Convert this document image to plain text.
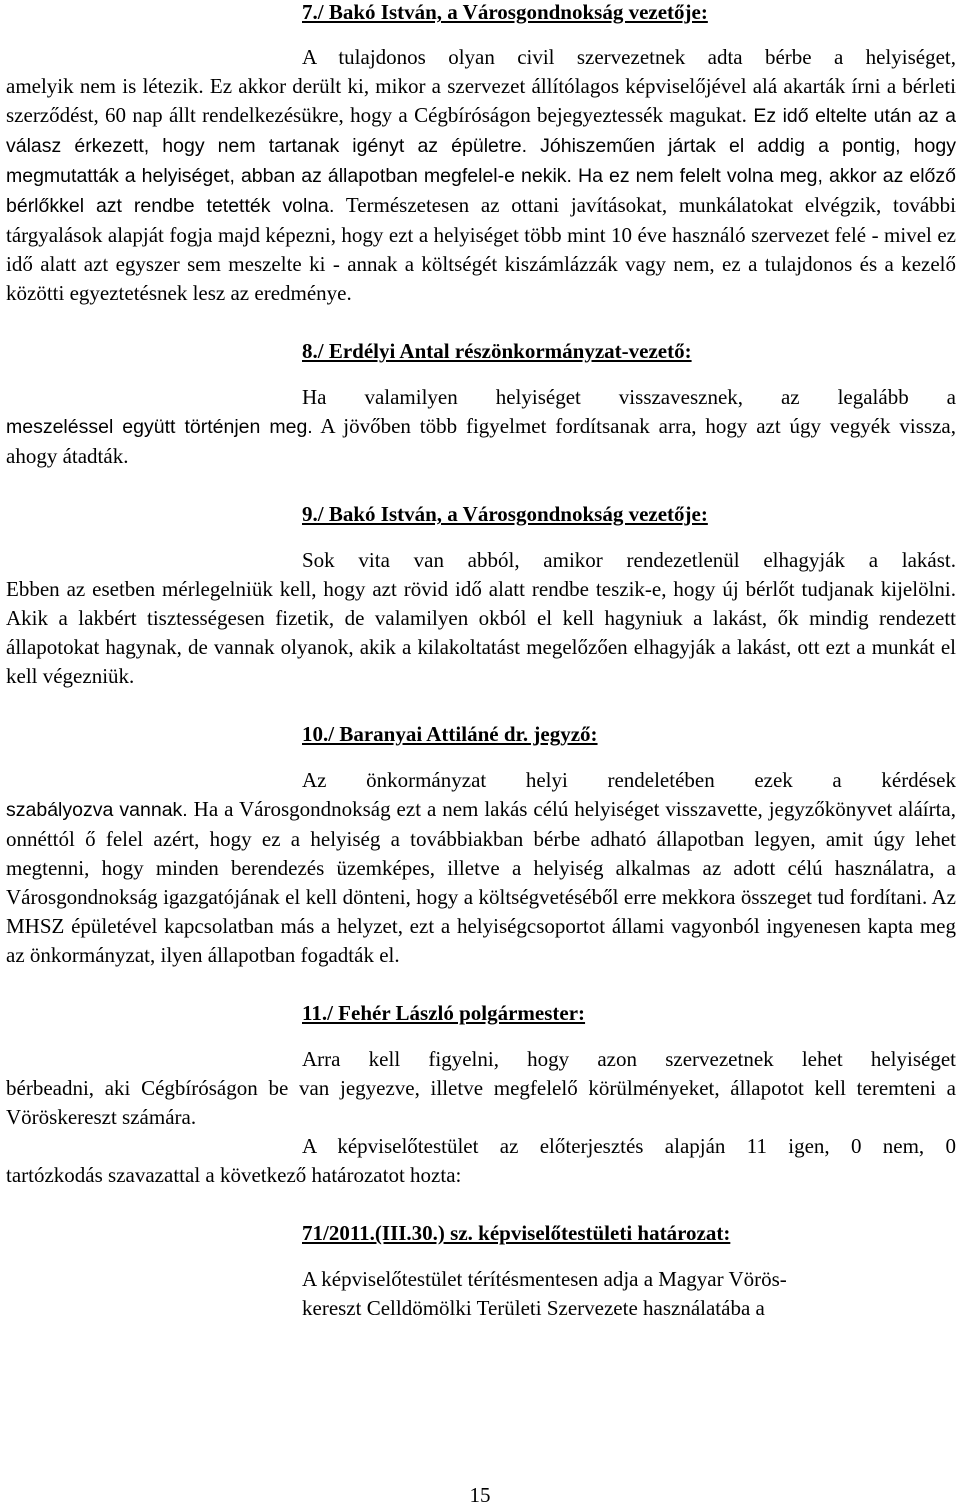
7./ Bakó István, a Városgondnokság vezetője:
A tulajdonos olyan civil szervezetnek adta bérbe a helyiséget,
amelyik nem is létezik. Ez akkor derült ki, mikor a szervezet állítólagos képviselőjével alá akarták írni a bérleti szerződést, 60 nap állt rendelkezésükre, hogy a Cégbíróságon bejegyeztessék magukat. Ez idő eltelte után az a válasz érkezett, hogy nem tartanak igényt az épületre. Jóhiszeműen jártak el addig a pontig, hogy megmutatták a helyiséget, abban az állapotban megfelel-e nekik. Ha ez nem felelt volna meg, akkor az előző bérlőkkel azt rendbe tetették volna. Természetesen az ottani javításokat, munkálatokat elvégzik, további tárgyalások alapját fogja majd képezni, hogy ezt a helyiséget több mint 10 éve használó szervezet felé - mivel ez idő alatt azt egyszer sem meszelte ki - annak a költségét kiszámlázzák vagy nem, ez a tulajdonos és a kezelő közötti egyeztetésnek lesz az eredménye.
8./ Erdélyi Antal részönkormányzat-vezető:
Ha valamilyen helyiséget visszavesznek, az legalább a
meszeléssel együtt történjen meg. A jövőben több figyelmet fordítsanak arra, hogy azt úgy vegyék vissza, ahogy átadták.
9./ Bakó István, a Városgondnokság vezetője:
Sok vita van abból, amikor rendezetlenül elhagyják a lakást.
Ebben az esetben mérlegelniük kell, hogy azt rövid idő alatt rendbe teszik-e, hogy új bérlőt tudjanak kijelölni. Akik a lakbért tisztességesen fizetik, de valamilyen okból el kell hagyniuk a lakást, ők mindig rendezett állapotokat hagynak, de vannak olyanok, akik a kilakoltatást megelőzően elhagyják a lakást, ott ezt a munkát el kell végezniük.
10./ Baranyai Attiláné dr. jegyző:
Az önkormányzat helyi rendeletében ezek a kérdések
szabályozva vannak. Ha a Városgondnokság ezt a nem lakás célú helyiséget visszavette, jegyzőkönyvet aláírta, onnéttól ő felel azért, hogy ez a helyiség a továbbiakban bérbe adható állapotban legyen, amit úgy lehet megtenni, hogy minden berendezés üzemképes, illetve a helyiség alkalmas az adott célú használatra, a Városgondnokság igazgatójának el kell dönteni, hogy a költségvetéséből erre mekkora összeget tud fordítani. Az MHSZ épületével kapcsolatban más a helyzet, ezt a helyiségcsoportot állami vagyonból ingyenesen kapta meg az önkormányzat, ilyen állapotban fogadták el.
11./ Fehér László polgármester:
Arra kell figyelni, hogy azon szervezetnek lehet helyiséget
bérbeadni, aki Cégbíróságon be van jegyezve, illetve megfelelő körülményeket, állapotot kell teremteni a Vöröskereszt számára.
A képviselőtestület az előterjesztés alapján 11 igen, 0 nem, 0
tartózkodás szavazattal a következő határozatot hozta:
71/2011.(III.30.) sz. képviselőtestületi határozat:
A képviselőtestület térítésmentesen adja a Magyar Vörös-
kereszt Celldömölki Területi Szervezete használatába a
15
